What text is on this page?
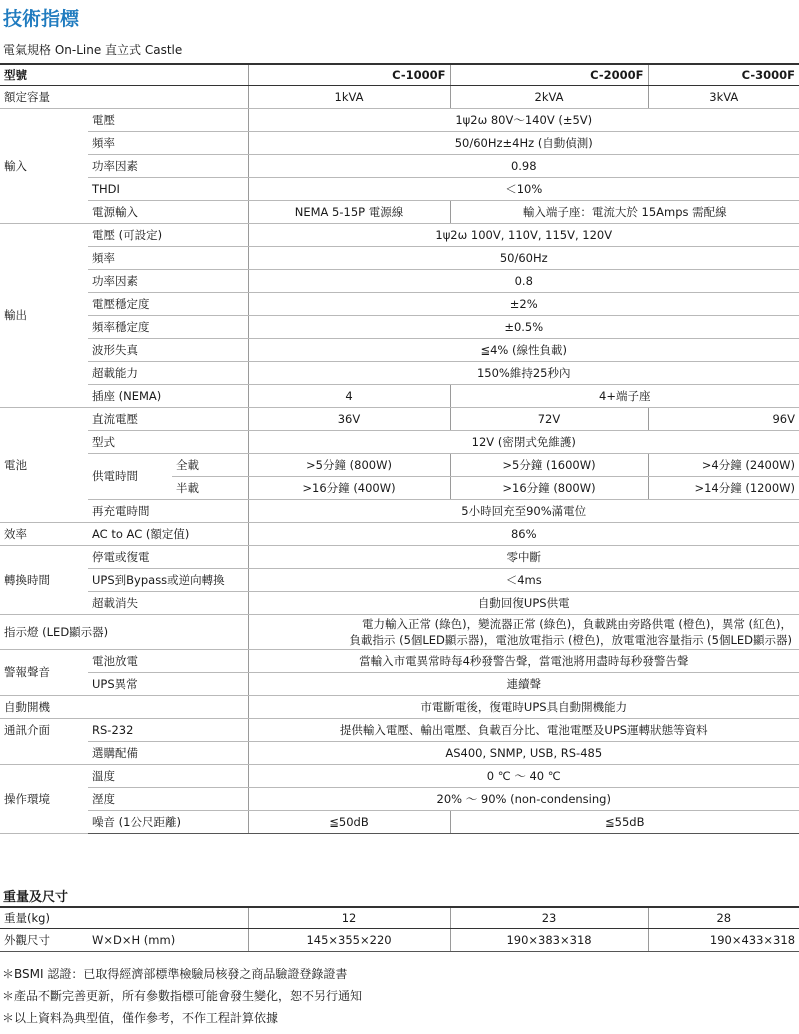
技術指標
電氣規格 On-Line 直立式 Castle
型號			C-1000F	C-2000F	C-3000F
額定容量			1kVA	2kVA	3kVA
輸入	電壓		1ψ2ω 80V～140V (±5V)		
	頻率		50/60Hz±4Hz (自動偵測)		
	功率因素		0.98		
	THDI		＜10%		
	電源輸入		NEMA 5-15P 電源線	輸入端子座：電流大於 15Amps 需配線	
輸出	電壓 (可設定)		1ψ2ω 100V, 110V, 115V, 120V		
	頻率		50/60Hz		
	功率因素		0.8		
	電壓穩定度		±2%		
	頻率穩定度		±0.5%		
	波形失真		≦4% (線性負載)		
	超載能力		150%維持25秒內		
	插座 (NEMA)		4	4+端子座	
電池	直流電壓		36V	72V	96V
	型式		12V (密閉式免維護)		
	供電時間	全載	>5分鐘 (800W)	>5分鐘 (1600W)	>4分鐘 (2400W)
		半載	>16分鐘 (400W)	>16分鐘 (800W)	>14分鐘 (1200W)
	再充電時間		5小時回充至90%滿電位		
效率	AC to AC (額定值)		86%		
轉換時間	停電或復電		零中斷		
	UPS到Bypass或逆向轉換		＜4ms		
	超載消失		自動回復UPS供電		
指示燈 (LED顯示器)			電力輸入正常 (綠色)，變流器正常 (綠色)，負載跳由旁路供電 (橙色)，異常 (紅色)，
負載指示 (5個LED顯示器)，電池放電指示 (橙色)，放電電池容量指示 (5個LED顯示器)		
警報聲音	電池放電		當輸入市電異常時每4秒發警告聲，當電池將用盡時每秒發警告聲		
	UPS異常		連續聲		
自動開機			市電斷電後，復電時UPS具自動開機能力		
通訊介面	RS-232		提供輸入電壓、輸出電壓、負載百分比、電池電壓及UPS運轉狀態等資料		
	選購配備		AS400, SNMP, USB, RS-485		
操作環境	溫度		0 ℃ ～ 40 ℃		
	溼度		20% ～ 90% (non-condensing)		
	噪音 (1公尺距離)		≦50dB	≦55dB	
重量及尺寸
重量(kg)		12	23	28
外觀尺寸	W×D×H (mm)	145×355×220	190×383×318	190×433×318
＊BSMI 認證：已取得經濟部標準檢驗局核發之商品驗證登錄證書
＊產品不斷完善更新，所有參數指標可能會發生變化，恕不另行通知
＊以上資料為典型值，僅作參考，不作工程計算依據
